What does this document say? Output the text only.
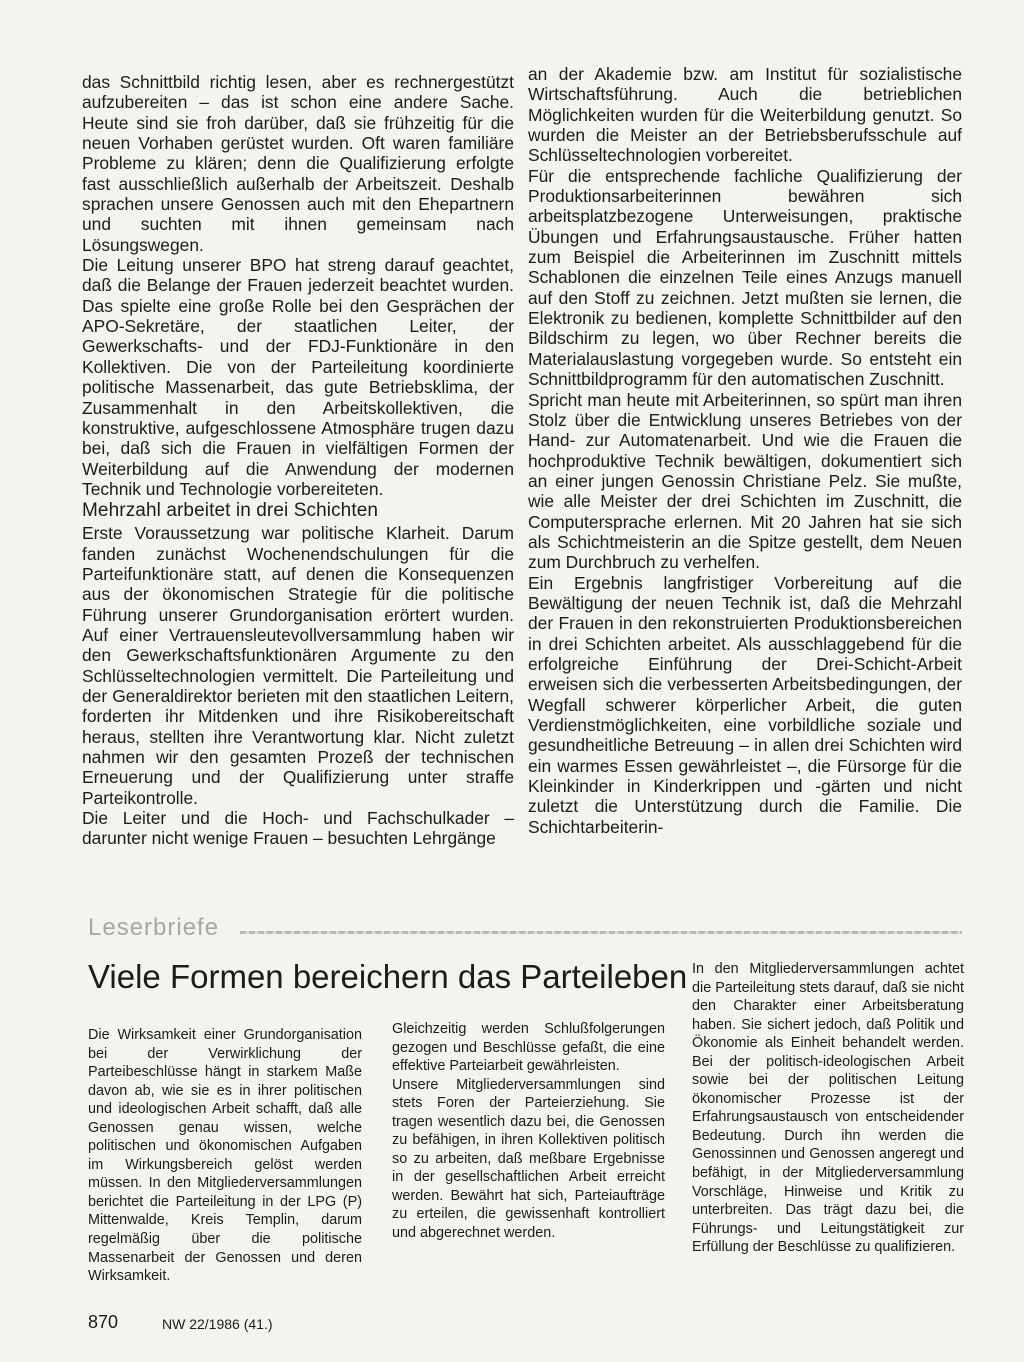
das Schnittbild richtig lesen, aber es rechnergestützt aufzubereiten – das ist schon eine andere Sache. Heute sind sie froh darüber, daß sie frühzeitig für die neuen Vorhaben gerüstet wurden. Oft waren familiäre Probleme zu klären; denn die Qualifizierung erfolgte fast ausschließlich außerhalb der Arbeitszeit. Deshalb sprachen unsere Genossen auch mit den Ehepartnern und suchten mit ihnen gemeinsam nach Lösungswegen.

Die Leitung unserer BPO hat streng darauf geachtet, daß die Belange der Frauen jederzeit beachtet wurden. Das spielte eine große Rolle bei den Gesprächen der APO-Sekretäre, der staatlichen Leiter, der Gewerkschafts- und der FDJ-Funktionäre in den Kollektiven. Die von der Parteileitung koordinierte politische Massenarbeit, das gute Betriebsklima, der Zusammenhalt in den Arbeitskollektiven, die konstruktive, aufgeschlossene Atmosphäre trugen dazu bei, daß sich die Frauen in vielfältigen Formen der Weiterbildung auf die Anwendung der modernen Technik und Technologie vorbereiteten.

Mehrzahl arbeitet in drei Schichten

Erste Voraussetzung war politische Klarheit. Darum fanden zunächst Wochenendschulungen für die Parteifunktionäre statt, auf denen die Konsequenzen aus der ökonomischen Strategie für die politische Führung unserer Grundorganisation erörtert wurden. Auf einer Vertrauensleutevollversammlung haben wir den Gewerkschaftsfunktionären Argumente zu den Schlüsseltechnologien vermittelt. Die Parteileitung und der Generaldirektor berieten mit den staatlichen Leitern, forderten ihr Mitdenken und ihre Risikobereitschaft heraus, stellten ihre Verantwortung klar. Nicht zuletzt nahmen wir den gesamten Prozeß der technischen Erneuerung und der Qualifizierung unter straffe Parteikontrolle.

Die Leiter und die Hoch- und Fachschulkader – darunter nicht wenige Frauen – besuchten Lehrgänge

an der Akademie bzw. am Institut für sozialistische Wirtschaftsführung. Auch die betrieblichen Möglichkeiten wurden für die Weiterbildung genutzt. So wurden die Meister an der Betriebsberufsschule auf Schlüsseltechnologien vorbereitet.

Für die entsprechende fachliche Qualifizierung der Produktionsarbeiterinnen bewähren sich arbeitsplatzbezogene Unterweisungen, praktische Übungen und Erfahrungsaustausche. Früher hatten zum Beispiel die Arbeiterinnen im Zuschnitt mittels Schablonen die einzelnen Teile eines Anzugs manuell auf den Stoff zu zeichnen. Jetzt mußten sie lernen, die Elektronik zu bedienen, komplette Schnittbilder auf den Bildschirm zu legen, wo über Rechner bereits die Materialauslastung vorgegeben wurde. So entsteht ein Schnittbildprogramm für den automatischen Zuschnitt.

Spricht man heute mit Arbeiterinnen, so spürt man ihren Stolz über die Entwicklung unseres Betriebes von der Hand- zur Automatenarbeit. Und wie die Frauen die hochproduktive Technik bewältigen, dokumentiert sich an einer jungen Genossin Christiane Pelz. Sie mußte, wie alle Meister der drei Schichten im Zuschnitt, die Computersprache erlernen. Mit 20 Jahren hat sie sich als Schichtmeisterin an die Spitze gestellt, dem Neuen zum Durchbruch zu verhelfen.

Ein Ergebnis langfristiger Vorbereitung auf die Bewältigung der neuen Technik ist, daß die Mehrzahl der Frauen in den rekonstruierten Produktionsbereichen in drei Schichten arbeitet. Als ausschlaggebend für die erfolgreiche Einführung der Drei-Schicht-Arbeit erweisen sich die verbesserten Arbeitsbedingungen, der Wegfall schwerer körperlicher Arbeit, die guten Verdienstmöglichkeiten, eine vorbildliche soziale und gesundheitliche Betreuung – in allen drei Schichten wird ein warmes Essen gewährleistet –, die Fürsorge für die Kleinkinder in Kinderkrippen und -gärten und nicht zuletzt die Unterstützung durch die Familie. Die Schichtarbeiterin-

Leserbriefe
Viele Formen bereichern das Parteileben

Die Wirksamkeit einer Grundorganisation bei der Verwirklichung der Parteibeschlüsse hängt in starkem Maße davon ab, wie sie es in ihrer politischen und ideologischen Arbeit schafft, daß alle Genossen genau wissen, welche politischen und ökonomischen Aufgaben im Wirkungsbereich gelöst werden müssen. In den Mitgliederversammlungen berichtet die Parteileitung in der LPG (P) Mittenwalde, Kreis Templin, darum regelmäßig über die politische Massenarbeit der Genossen und deren Wirksamkeit.

Gleichzeitig werden Schlußfolgerungen gezogen und Beschlüsse gefaßt, die eine effektive Parteiarbeit gewährleisten.

Unsere Mitgliederversammlungen sind stets Foren der Parteierziehung. Sie tragen wesentlich dazu bei, die Genossen zu befähigen, in ihren Kollektiven politisch so zu arbeiten, daß meßbare Ergebnisse in der gesellschaftlichen Arbeit erreicht werden. Bewährt hat sich, Parteiaufträge zu erteilen, die gewissenhaft kontrolliert und abgerechnet werden.

In den Mitgliederversammlungen achtet die Parteileitung stets darauf, daß sie nicht den Charakter einer Arbeitsberatung haben. Sie sichert jedoch, daß Politik und Ökonomie als Einheit behandelt werden. Bei der politisch-ideologischen Arbeit sowie bei der politischen Leitung ökonomischer Prozesse ist der Erfahrungsaustausch von entscheidender Bedeutung. Durch ihn werden die Genossinnen und Genossen angeregt und befähigt, in der Mitgliederversammlung Vorschläge, Hinweise und Kritik zu unterbreiten. Das trägt dazu bei, die Führungs- und Leitungstätigkeit zur Erfüllung der Beschlüsse zu qualifizieren.

870	NW 22/1986 (41.)
